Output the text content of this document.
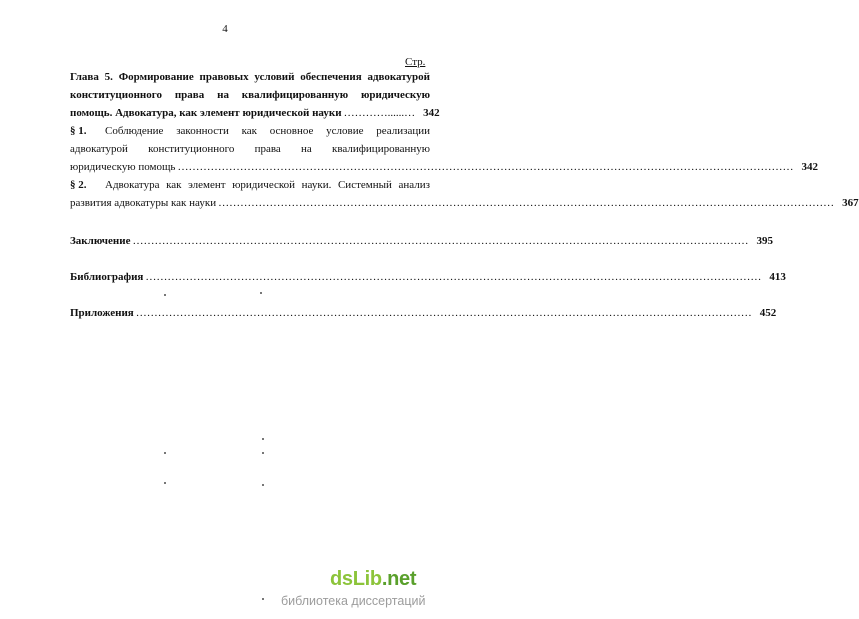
4
Стр.
Глава 5. Формирование правовых условий обеспечения адвокатурой
конституционного права на квалифицированную юридическую
помощь. Адвокатура, как элемент юридической науки …………......… 342
§ 1. Соблюдение законности как основное условие реализации
адвокатурой конституционного права на квалифицированную
юридическую помощь …………………………………………………………………………………………………………………………………………………… 342
§ 2. Адвокатура как элемент юридической науки. Системный анализ
развития адвокатуры как науки …………………………………………………………………………………………………………………………………………………… 367
Заключение …………………………………………………………………………………………………………………………………………………… 395
Библиография …………………………………………………………………………………………………………………………………………………… 413
Приложения …………………………………………………………………………………………………………………………………………………… 452
dsLib.net
библиотека диссертаций
